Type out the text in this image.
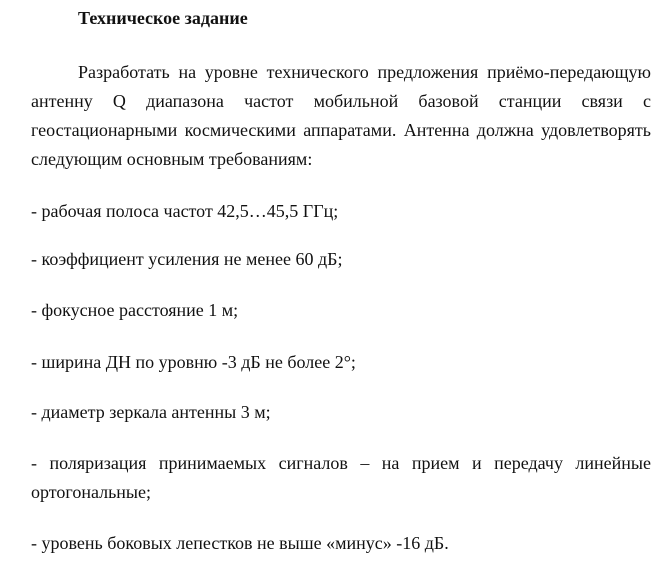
Техническое задание

Разработать на уровне технического предложения приёмо-передающую антенну Q диапазона частот мобильной базовой станции связи с геостационарными космическими аппаратами. Антенна должна удовлетворять следующим основным требованиям:

- рабочая полоса частот 42,5…45,5 ГГц;

- коэффициент усиления не менее 60 дБ;

- фокусное расстояние 1 м;

- ширина ДН по уровню -3 дБ не более 2°;

- диаметр зеркала антенны 3 м;

- поляризация принимаемых сигналов – на прием и передачу линейные ортогональные;

- уровень боковых лепестков не выше «минус» -16 дБ.
